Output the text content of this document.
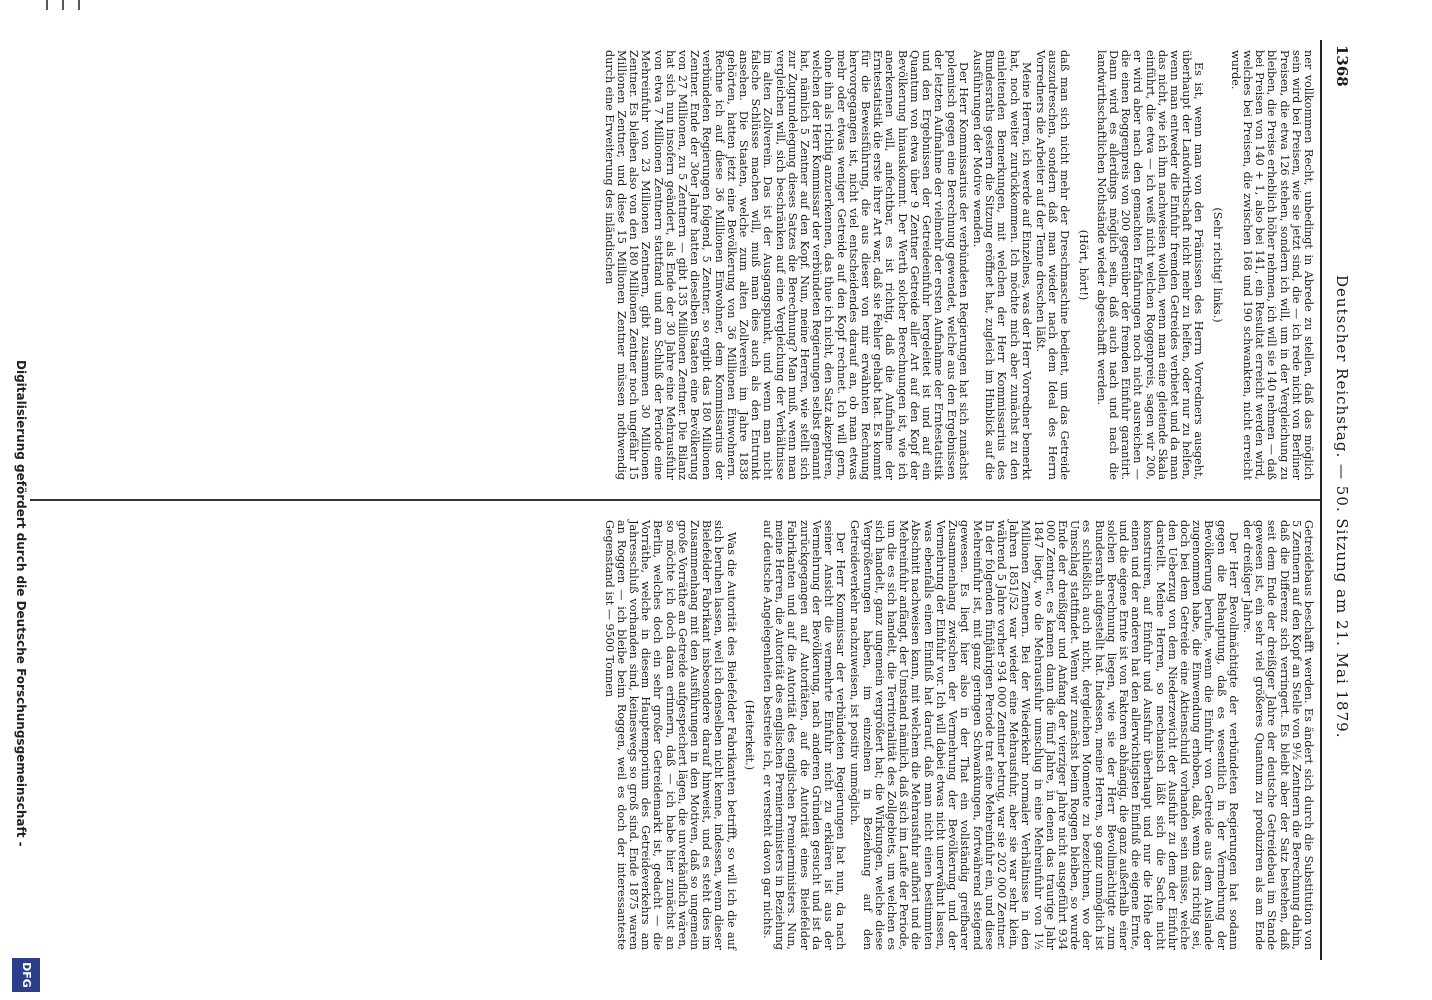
1368
Deutscher Reichstag. — 50. Sitzung am 21. Mai 1879.

ner vollkommen Recht, unbedingt in Abrede zu stellen, daß das möglich sein wird bei Preisen, wie sie jetzt sind, die — ich rede nicht von Berliner Preisen, die etwa 126 stehen, sondern ich will, um in der Vergleichung zu bleiben, die Preise erheblich höher nehmen, ich will sie 140 nehmen — daß bei Preisen von 140 + 1, also bei 141, ein Resultat erreicht werden wird, welches bei Preisen, die zwischen 168 und 190 schwankten, nicht erreicht wurde.

(Sehr richtig! links.)

Es ist, wenn man von den Prämissen des Herrn Vorredners ausgeht, überhaupt der Landwirthschaft nicht mehr zu helfen, oder nur zu helfen, wenn man entweder die Einfuhr fremden Getreides verbietet und da man das nicht, wie ich ihm nachweisen wollen, wenn man eine gleitende Skala einführt, die etwa — ich weiß nicht welchen Roggenpreis, sagen wir 200, er wird aber nach den gemachten Erfahrungen noch nicht ausreichen — die einen Roggenpreis von 200 gegenüber der fremden Einfuhr garantirt. Dann wird es allerdings möglich sein, daß auch nach und nach die landwirthschaftlichen Nothstände wieder abgeschafft werden.

(Hört, hört!)

daß man sich nicht mehr der Dreschmaschine bedient, um das Getreide auszudreschen, sondern daß man wieder nach dem Ideal des Herrn Vorredners die Arbeiter auf der Tenne dreschen läßt.

Meine Herren, ich werde auf Einzelnes, was der Herr Vorredner bemerkt hat, noch weiter zurückkommen. Ich möchte mich aber zunächst zu den einleitenden Bemerkungen, mit welchen der Herr Kommissarius des Bundesraths gestern die Sitzung eröffnet hat, zugleich im Hinblick auf die Ausführungen der Motive wenden.

Der Herr Kommissarius der verbündeten Regierungen hat sich zunächst polemisch gegen eine Berechnung gewendet, welche aus den Ergebnissen der letzten Aufnahme der vielmehr der ersten Aufnahme der Erntestatistik und den Ergebnissen der Getreideeinfuhr hergeleitet ist und auf ein Quantum von etwa über 9 Zentner Getreide aller Art auf den Kopf der Bevölkerung hinauskommt. Der Werth solcher Berechnungen ist, wie ich anerkennen will, anfechtbar, es ist richtig, daß die Aufnahme der Erntestatistik die erste ihrer Art war, daß sie Fehler gehabt hat. Es kommt für die Beweisführung, die aus dieser von mir erwähnten Rechnung hervorgegangen ist, nicht viel entscheidendes darauf an, ob man etwas mehr oder etwas weniger Getreide auf den Kopf rechnet. Ich will gern, ohne ihn als richtig anzuerkennen, das thue ich nicht, den Satz akzeptiren, welchen der Herr Kommissar der verbündeten Regierungen selbst genannt hat, nämlich 5 Zentner auf den Kopf. Nun, meine Herren, wie stellt sich zur Zugrundelegung dieses Satzes die Berechnung? Man muß, wenn man vergleichen will, sich beschränken auf eine Vergleichung der Verhältnisse im alten Zollverein. Das ist der Ausgangspunkt, und wenn man nicht falsche Schlüsse machen will, muß man dies auch als den Entrunkt ansehen. Die Staaten, welche zum alten Zollverein im Jahre 1838 gehörten, hatten jetzt eine Bevölkerung von 36 Millionen Einwohnern. Rechne ich auf diese 36 Millionen Einwohner, dem Kommissarius der verbündeten Regierungen folgend, 5 Zentner, so ergibt das 180 Millionen Zentner. Ende der 30er Jahre hatten dieselben Staaten eine Bevölkerung von 27 Millionen, zu 5 Zentnern — gibt 135 Millionen Zentner. Die Bilanz hat sich nun insofern geändert, als Ende der 30 Jahre eine Mehrausfuhr von etwa 7 Millionen Zentnern stattfand und am Schluß der Periode eine Mehreinfuhr von 23 Millionen Zentnern, gibt zusammen 30 Millionen Zentner. Es bleiben also von den 180 Millionen Zentner noch ungefähr 15 Millionen Zentner, und diese 15 Millionen Zentner müssen nothwendig durch eine Erweiterung des inländischen

Getreidebaus beschafft werden. Es ändert sich durch die Substitution von 5 Zentnern auf den Kopf an Stelle von 9½ Zentnern die Berechnung dahin, daß die Differenz sich verringert. Es bleibt aber der Satz bestehen, daß seit dem Ende der dreißiger Jahre der deutsche Getreidebau im Stande gewesen ist, ein sehr viel größeres Quantum zu produziren als am Ende der dreißiger Jahre.

Der Herr Bevollmächtigte der verbündeten Regierungen hat sodann gegen die Behauptung, daß es wesentlich in der Vermehrung der Bevölkerung beruhe, wenn die Einfuhr von Getreide aus dem Auslande zugenommen habe, die Einwendung erhoben, daß, wenn das richtig sei, doch bei dem Getreide eine Aktienschuld vorhanden sein müsse, welche den Ueberzug von dem Niederzewicht der Ausfuhr zu dem der Einfuhr darstellt. Meine Herren, so mechanisch läßt sich die Sache nicht konstruiren, auf Einfuhr und Ausfuhr überhaupt und nur die Höhe der einen und der anderen hat den allerwichtigsten Einfluß die eigene Ernte, und die eigene Ernte ist von Faktoren abhängig, die ganz außerhalb einer solchen Berechnung liegen, wie sie der Herr Bevollmächtigte zum Bundesrath aufgestellt hat. Indessen, meine Herren, so ganz unmöglich ist es schließlich auch nicht, dergleichen Momente zu bezeichnen, wo der Umschlag stattfindet. Wenn wir zunächst beim Roggen bleiben, so wurde Ende der dreißiger und Anfang der vierziger Jahre nicht ausgeführt 934 000 Zentner, es kamen dann die fünf Jahre, in denen das traurige Jahr 1847 liegt, wo die Mehrausfuhr umschlug in eine Mehreinfuhr von 1½ Millionen Zentnern. Bei der Wiederkehr normaler Verhältnisse in den Jahren 1851/52 war wieder eine Mehrausfuhr, aber sie war sehr klein, während 5 Jahre vorher 934 000 Zentner betrug, war sie 202 000 Zentner. In der folgenden fünfjährigen Periode trat eine Mehreinfuhr ein, und diese Mehreinfuhr ist, mit ganz geringen Schwankungen, fortwährend steigend gewesen. Es liegt hier also in der That ein vollständig greifbarer Zusammenhang zwischen der Vermehrung der Bevölkerung und der Vermehrung der Einfuhr vor. Ich will dabei etwas nicht unerwähnt lassen, was ebenfalls einen Einfluß hat darauf, daß man nicht einen bestimmten Abschnitt nachweisen kann, mit welchem die Mehrausfuhr aufhört und die Mehreinfuhr anfängt, der Umstand nämlich, daß sich im Laufe der Periode, um die es sich handelt, die Territorialität des Zollgebiets, um welchen es sich handelt, ganz ungemein vergrößert hat; die Wirkungen, welche diese Vergrößerungen haben, im einzelnen in Beziehung auf den Getreideverkehr nachzuweisen, ist positiv unmöglich.

Der Herr Kommissar der verbündeten Regierungen hat nun, da nach seiner Ansicht die vermehrte Einfuhr nicht zu erklären ist aus der Vermehrung der Bevölkerung, nach anderen Gründen gesucht und ist da zurückgegangen auf Autoritäten, auf die Autorität eines Bielefelder Fabrikanten und auf die Autorität des englischen Premierministers. Nun, meine Herren, die Autorität des englischen Premierministers in Beziehung auf deutsche Angelegenheiten bestreite ich, er versteht davon gar nichts.

(Heiterkeit.)

Was die Autorität des Bielefelder Fabrikanten betrifft, so will ich die auf sich beruhen lassen, weil ich denselben nicht kenne, indessen, wenn dieser Bielefelder Fabrikant insbesondere darauf hinweist, und es steht dies im Zusammenhang mit den Ausführungen in den Motiven, daß so ungemein große Vorräthe an Getreide aufgespeichert lägen, die unverkäuflich wären, so möchte ich doch daran erinnern, daß — ich habe hier zunächst an Berlin, welches doch ein sehr großer Getreidemarkt ist, gedacht — die Vorräthe, welche in diesem Hauptemporium des Getreideverkehrs am Jahresschluß vorhanden sind, keineswegs so groß sind. Ende 1875 waren an Roggen — ich bleibe beim Roggen, weil es doch der interessanteste Gegenstand ist — 9500 Tonnen

Digitalisierung gefördert durch die Deutsche Forschungsgemeinschaft -
DFG
